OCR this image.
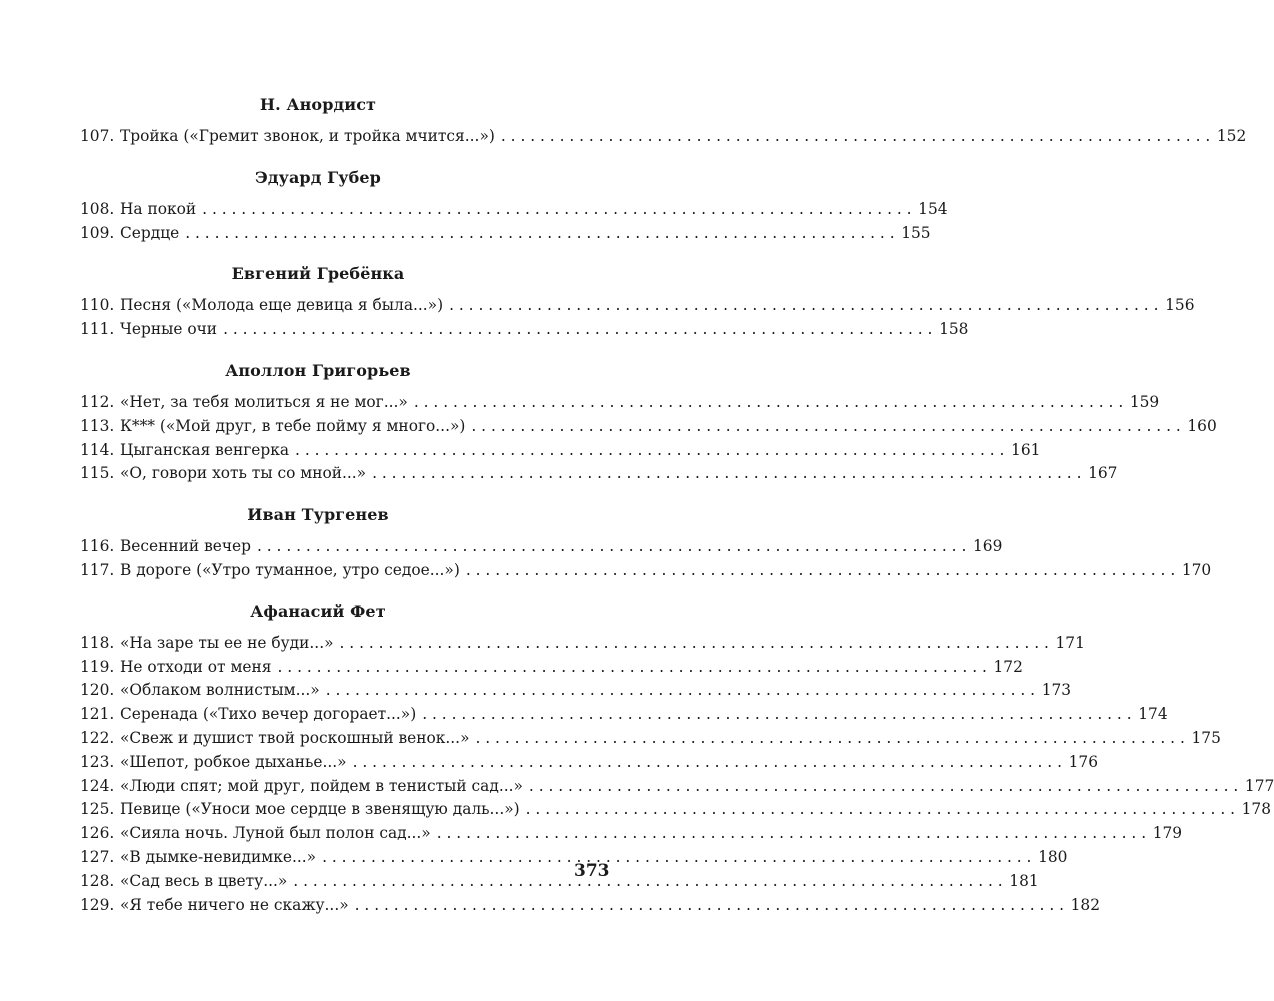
Н. Анордист
107. Тройка («Гремит звонок, и тройка мчится...») . . .	152
Эдуард Губер
108. На покой . . .	154
109. Сердце . . .	155
Евгений Гребёнка
110. Песня («Молода еще девица я была...») . . .	156
111. Черные очи . . .	158
Аполлон Григорьев
112. «Нет, за тебя молиться я не мог...» . . .	159
113. К*** («Мой друг, в тебе пойму я много...») . . .	160
114. Цыганская венгерка . . .	161
115. «О, говори хоть ты со мной...» . . .	167
Иван Тургенев
116. Весенний вечер . . .	169
117. В дороге («Утро туманное, утро седое...») . . .	170
Афанасий Фет
118. «На заре ты ее не буди...» . . .	171
119. Не отходи от меня . . .	172
120. «Облаком волнистым...» . . .	173
121. Серенада («Тихо вечер догорает...») . . .	174
122. «Свеж и душист твой роскошный венок...» . . .	175
123. «Шепот, робкое дыханье...» . . .	176
124. «Люди спят; мой друг, пойдем в тенистый сад...» . . .	177
125. Певице («Уноси мое сердце в звенящую даль...») . . .	178
126. «Сияла ночь. Луной был полон сад...» . . .	179
127. «В дымке-невидимке...» . . .	180
128. «Сад весь в цвету...» . . .	181
129. «Я тебе ничего не скажу...» . . .	182
373
